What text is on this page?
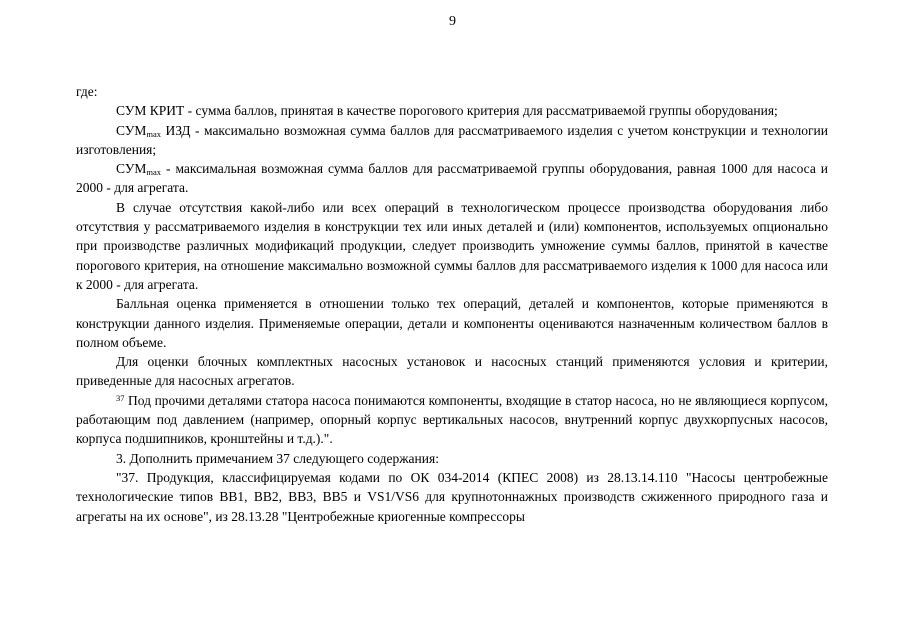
9

где:

СУМ КРИТ - сумма баллов, принятая в качестве порогового критерия для рассматриваемой группы оборудования;

$СУМ_{max}$ ИЗД - максимально возможная сумма баллов для рассматриваемого изделия с учетом конструкции и технологии изготовления;

$СУМ_{max}$ - максимальная возможная сумма баллов для рассматриваемой группы оборудования, равная 1000 для насоса и 2000 - для агрегата.

В случае отсутствия какой-либо или всех операций в технологическом процессе производства оборудования либо отсутствия у рассматриваемого изделия в конструкции тех или иных деталей и (или) компонентов, используемых опционально при производстве различных модификаций продукции, следует производить умножение суммы баллов, принятой в качестве порогового критерия, на отношение максимально возможной суммы баллов для рассматриваемого изделия к 1000 для насоса или к 2000 - для агрегата.

Балльная оценка применяется в отношении только тех операций, деталей и компонентов, которые применяются в конструкции данного изделия. Применяемые операции, детали и компоненты оцениваются назначенным количеством баллов в полном объеме.

Для оценки блочных комплектных насосных установок и насосных станций применяются условия и критерии, приведенные для насосных агрегатов.

$^{37}$ Под прочими деталями статора насоса понимаются компоненты, входящие в статор насоса, но не являющиеся корпусом, работающим под давлением (например, опорный корпус вертикальных насосов, внутренний корпус двухкорпусных насосов, корпуса подшипников, кронштейны и т.д.).".

3. Дополнить примечанием 37 следующего содержания:

"37. Продукция, классифицируемая кодами по ОК 034-2014 (КПЕС 2008) из 28.13.14.110 "Насосы центробежные технологические типов ВВ1, ВВ2, ВВ3, ВВ5 и VS1/VS6 для крупнотоннажных производств сжиженного природного газа и агрегаты на их основе", из 28.13.28 "Центробежные криогенные компрессоры
